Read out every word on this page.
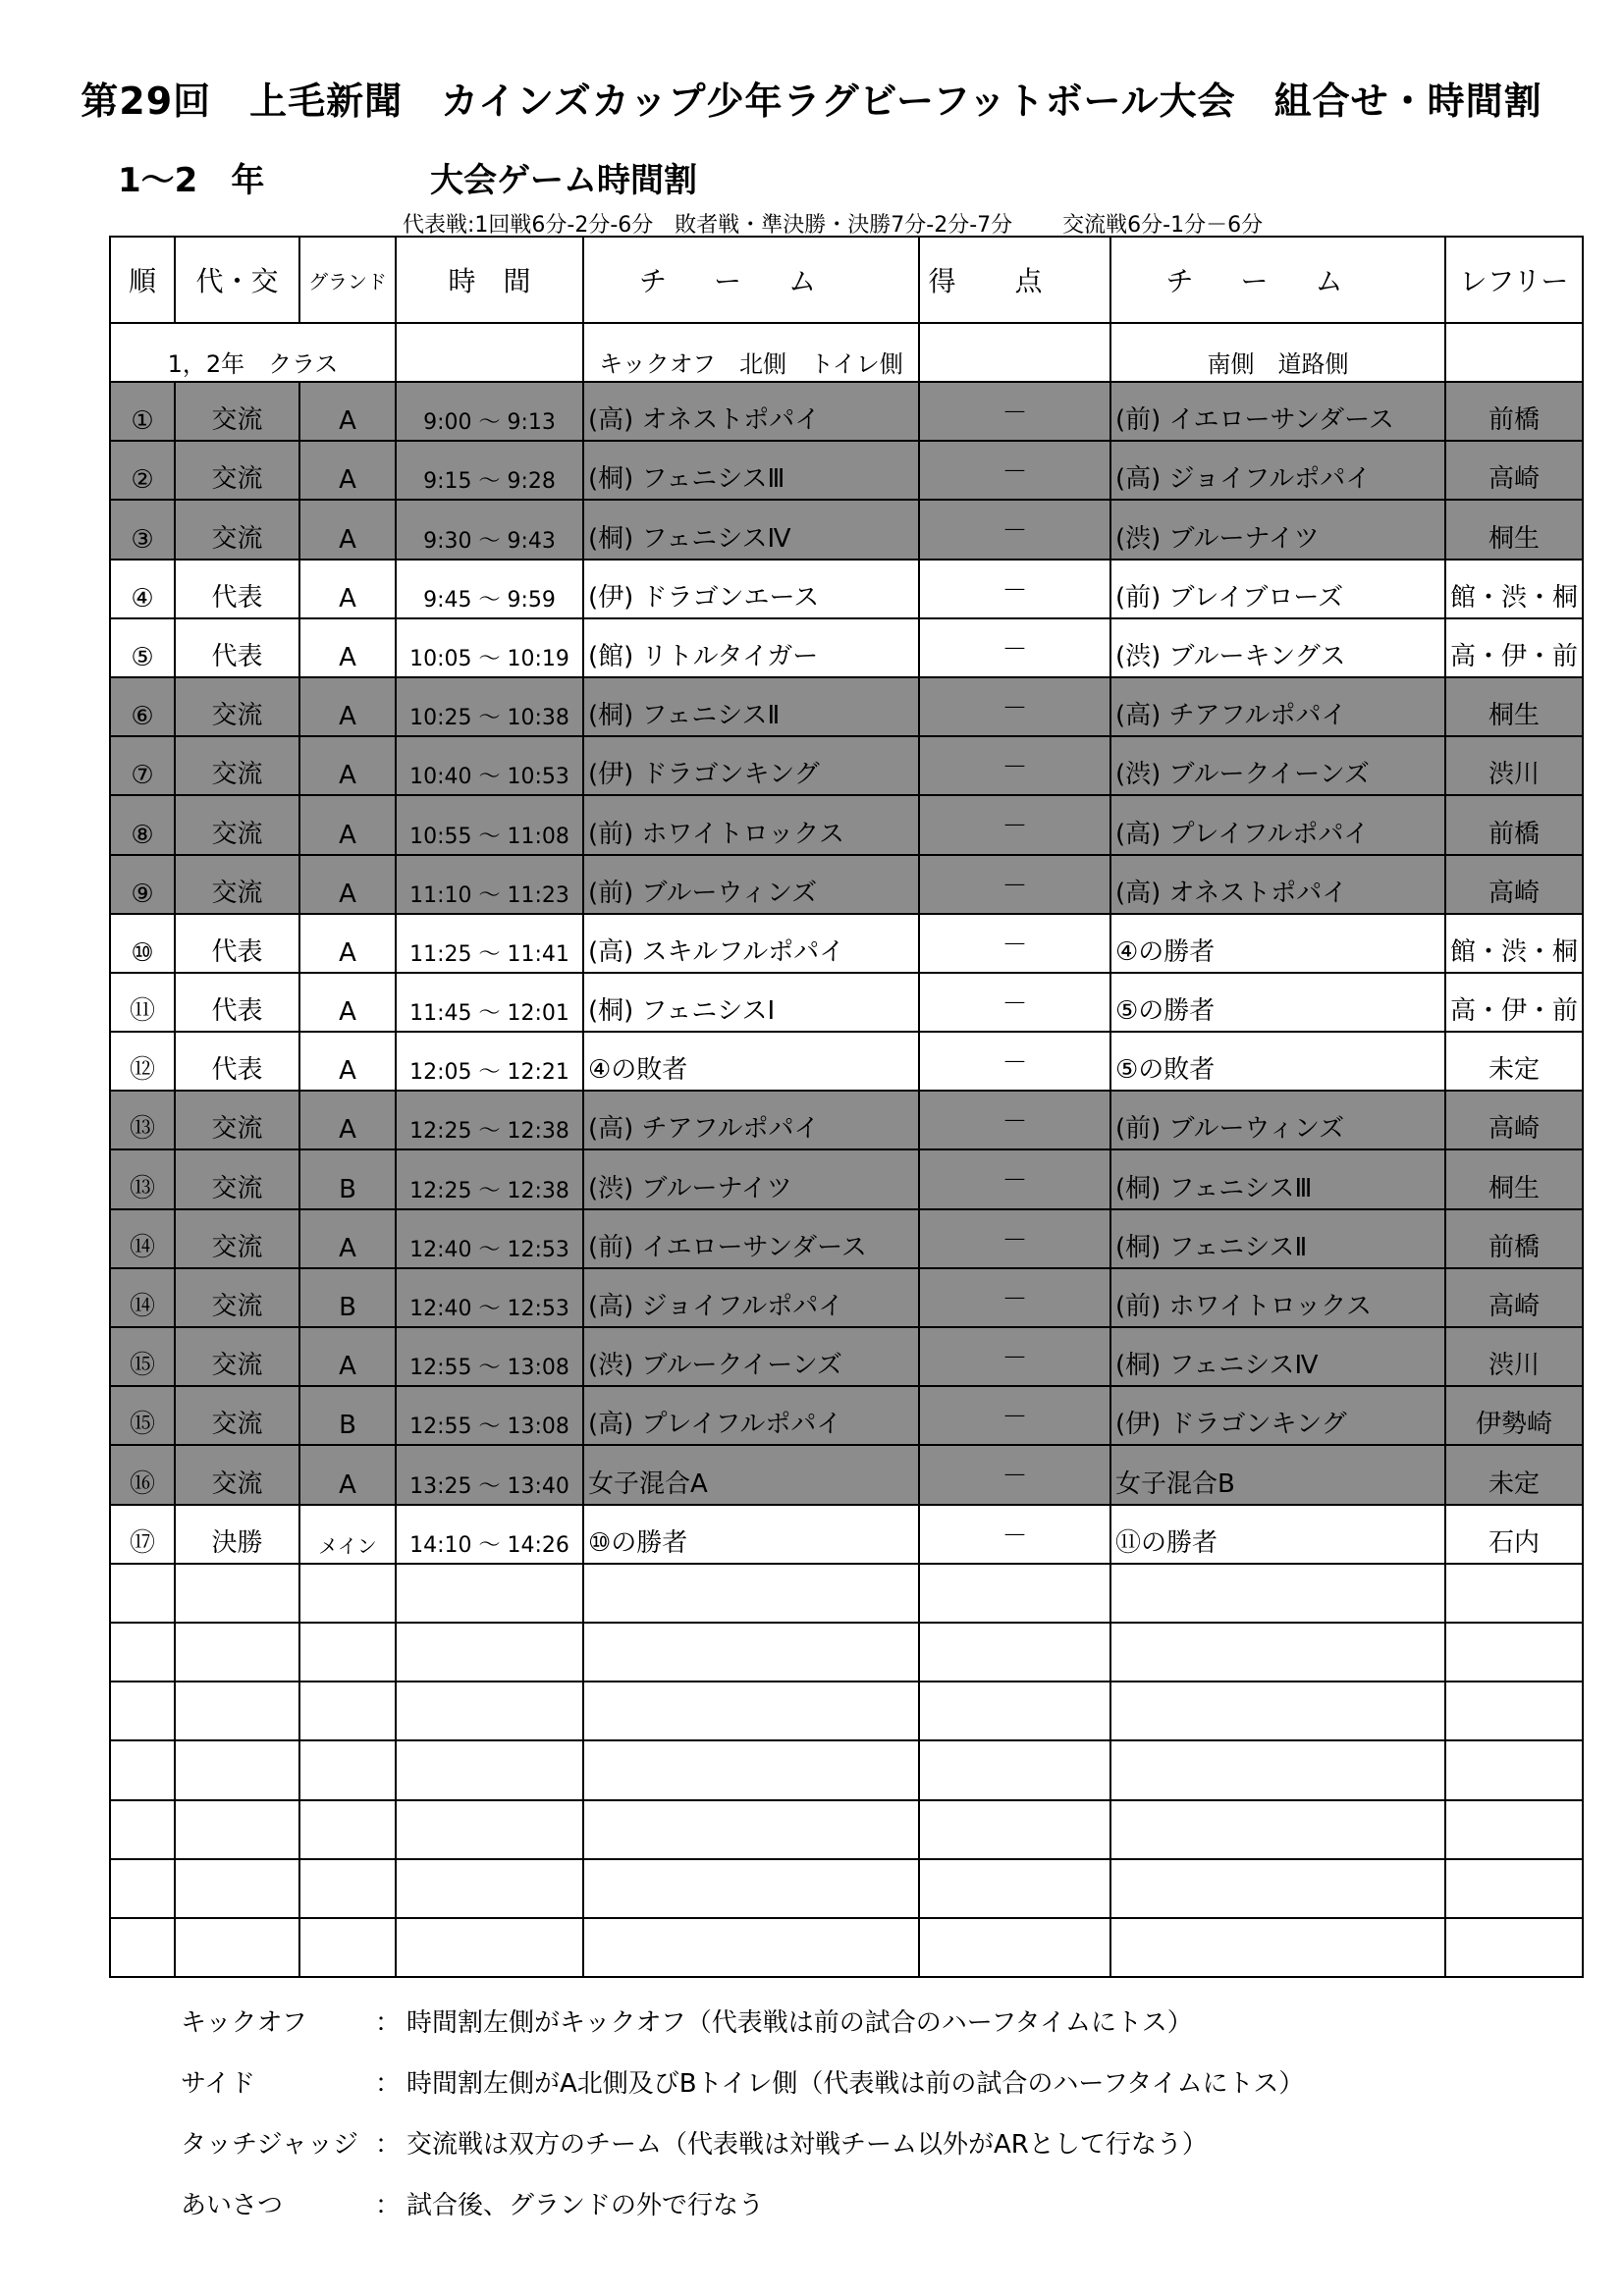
第29回　上毛新聞　カインズカップ少年ラグビーフットボール大会　組合せ・時間割
1〜2　年	大会ゲーム時間割
代表戦:1回戦6分-2分-6分　敗者戦・準決勝・決勝7分-2分-7分　　 交流戦6分-1分－6分
順	代・交	グランド	時　間	チーム	得点	チーム	レフリー
1，2年　クラス				キックオフ　北側　トイレ側		南側　道路側	
①	交流	A	9:00 ～ 9:13	(高) オネストポパイ	－	(前) イエローサンダース	前橋
②	交流	A	9:15 ～ 9:28	(桐) フェニシスⅢ	－	(高) ジョイフルポパイ	高崎
③	交流	A	9:30 ～ 9:43	(桐) フェニシスⅣ	－	(渋) ブルーナイツ	桐生
④	代表	A	9:45 ～ 9:59	(伊) ドラゴンエース	－	(前) ブレイブローズ	館・渋・桐
⑤	代表	A	10:05 ～ 10:19	(館) リトルタイガー	－	(渋) ブルーキングス	高・伊・前
⑥	交流	A	10:25 ～ 10:38	(桐) フェニシスⅡ	－	(高) チアフルポパイ	桐生
⑦	交流	A	10:40 ～ 10:53	(伊) ドラゴンキング	－	(渋) ブルークイーンズ	渋川
⑧	交流	A	10:55 ～ 11:08	(前) ホワイトロックス	－	(高) プレイフルポパイ	前橋
⑨	交流	A	11:10 ～ 11:23	(前) ブルーウィンズ	－	(高) オネストポパイ	高崎
⑩	代表	A	11:25 ～ 11:41	(高) スキルフルポパイ	－	④の勝者	館・渋・桐
⑪	代表	A	11:45 ～ 12:01	(桐) フェニシスⅠ	－	⑤の勝者	高・伊・前
⑫	代表	A	12:05 ～ 12:21	④の敗者	－	⑤の敗者	未定
⑬	交流	A	12:25 ～ 12:38	(高) チアフルポパイ	－	(前) ブルーウィンズ	高崎
⑬	交流	B	12:25 ～ 12:38	(渋) ブルーナイツ	－	(桐) フェニシスⅢ	桐生
⑭	交流	A	12:40 ～ 12:53	(前) イエローサンダース	－	(桐) フェニシスⅡ	前橋
⑭	交流	B	12:40 ～ 12:53	(高) ジョイフルポパイ	－	(前) ホワイトロックス	高崎
⑮	交流	A	12:55 ～ 13:08	(渋) ブルークイーンズ	－	(桐) フェニシスⅣ	渋川
⑮	交流	B	12:55 ～ 13:08	(高) プレイフルポパイ	－	(伊) ドラゴンキング	伊勢崎
⑯	交流	A	13:25 ～ 13:40	女子混合A	－	女子混合B	未定
⑰	決勝	メイン	14:10 ～ 14:26	⑩の勝者	－	⑪の勝者	石内

キックオフ	： 時間割左側がキックオフ（代表戦は前の試合のハーフタイムにトス）
サイド	： 時間割左側がA北側及びBトイレ側（代表戦は前の試合のハーフタイムにトス）
タッチジャッジ ： 交流戦は双方のチーム（代表戦は対戦チーム以外がARとして行なう）
あいさつ	： 試合後、グランドの外で行なう
